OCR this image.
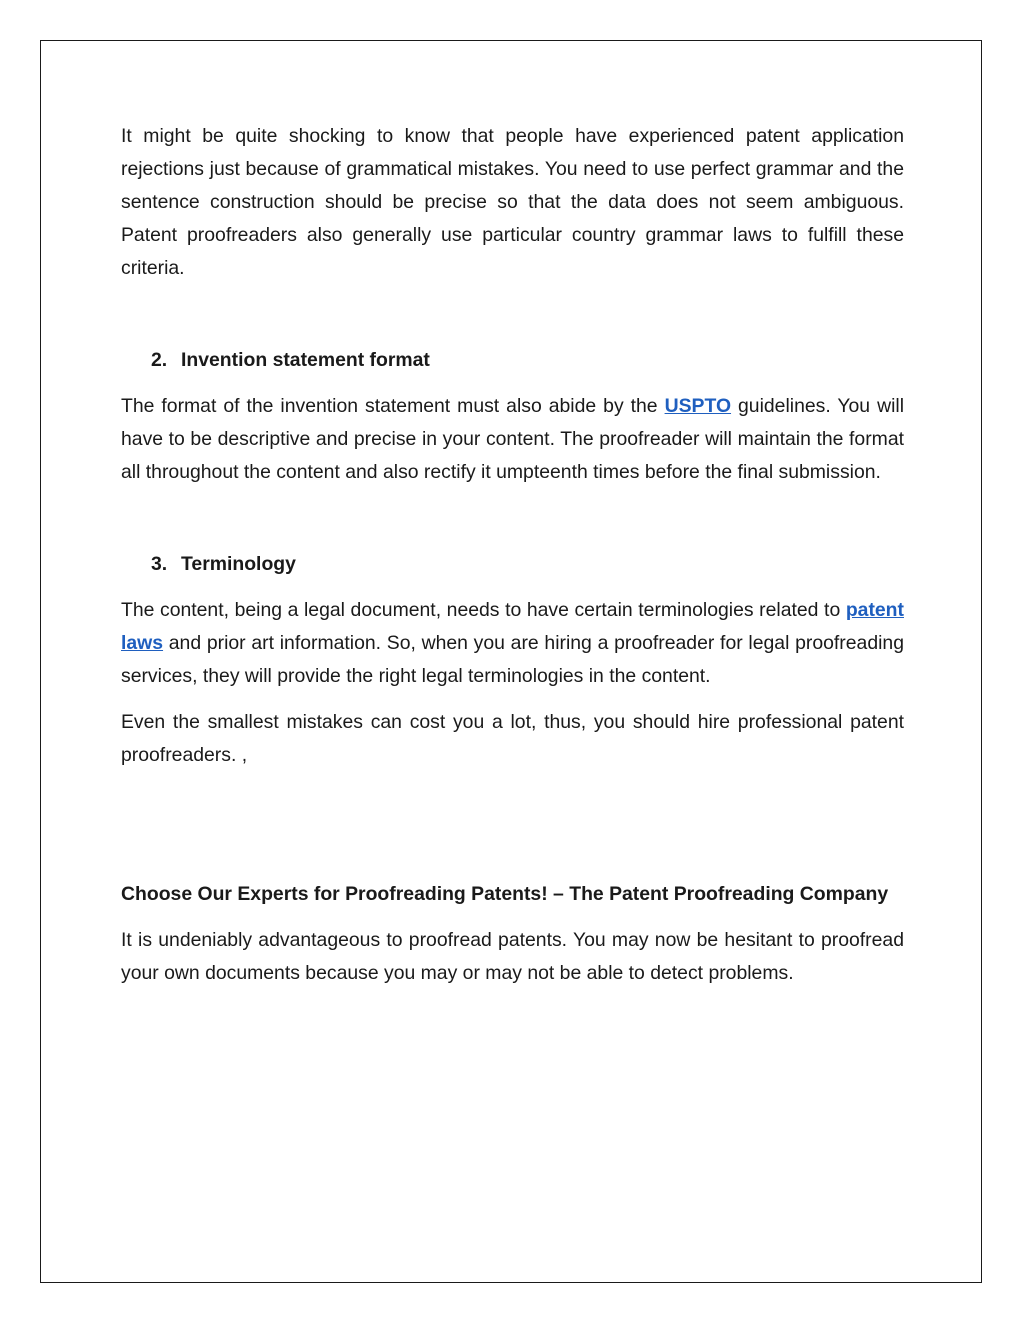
It might be quite shocking to know that people have experienced patent application rejections just because of grammatical mistakes. You need to use perfect grammar and the sentence construction should be precise so that the data does not seem ambiguous. Patent proofreaders also generally use particular country grammar laws to fulfill these criteria.

2. Invention statement format

The format of the invention statement must also abide by the USPTO guidelines. You will have to be descriptive and precise in your content. The proofreader will maintain the format all throughout the content and also rectify it umpteenth times before the final submission.

3. Terminology

The content, being a legal document, needs to have certain terminologies related to patent laws and prior art information. So, when you are hiring a proofreader for legal proofreading services, they will provide the right legal terminologies in the content.

Even the smallest mistakes can cost you a lot, thus, you should hire professional patent proofreaders. ,

Choose Our Experts for Proofreading Patents! – The Patent Proofreading Company

It is undeniably advantageous to proofread patents. You may now be hesitant to proofread your own documents because you may or may not be able to detect problems.
